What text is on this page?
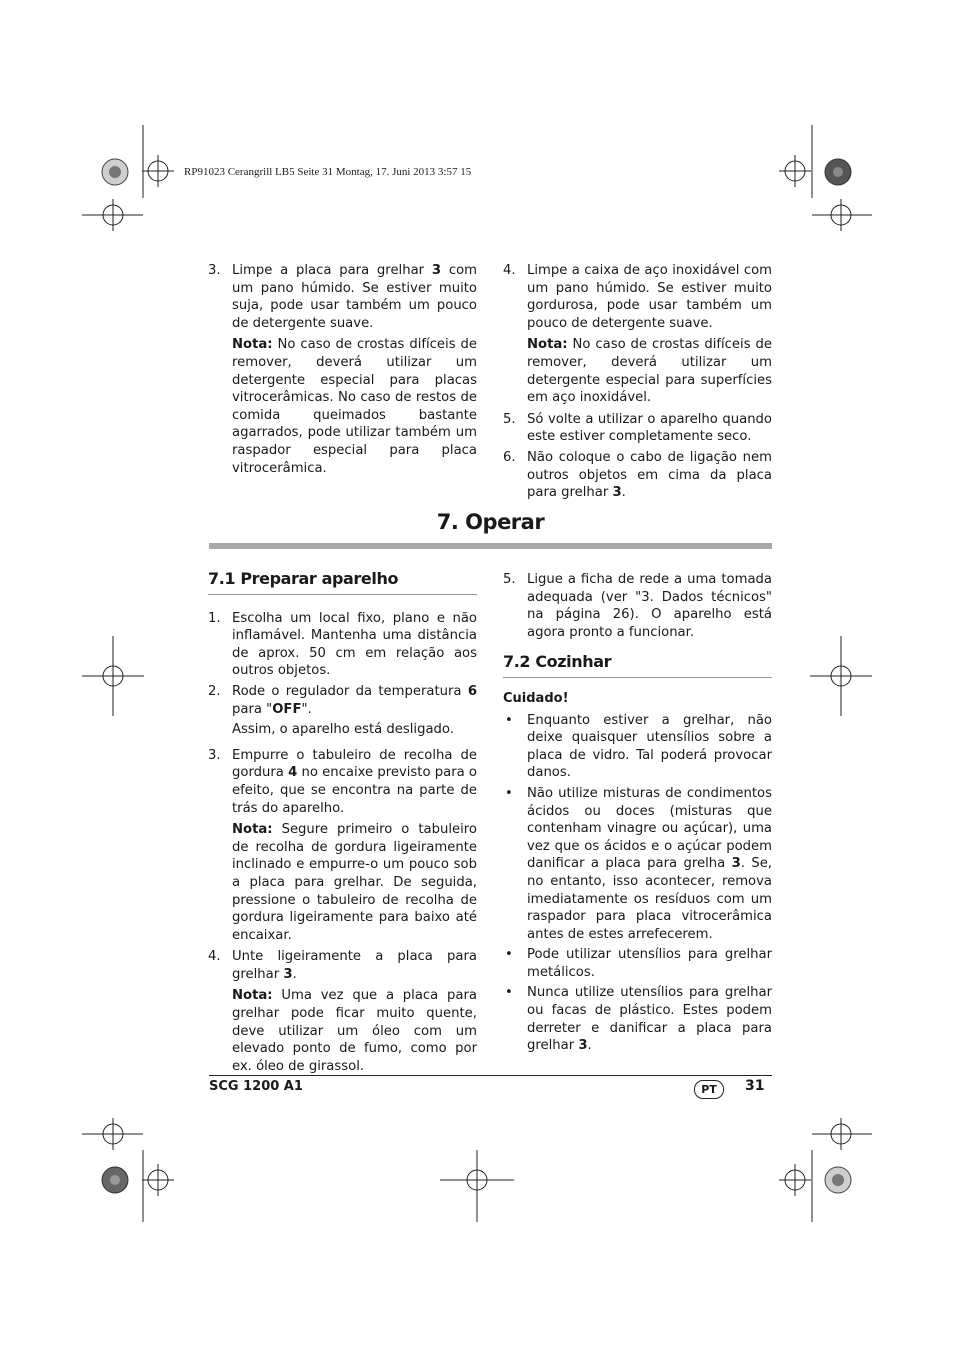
RP91023 Cerangrill LB5 Seite 31 Montag, 17. Juni 2013 3:57 15
3. Limpe a placa para grelhar 3 com um pano húmido. Se estiver muito suja, pode usar também um pouco de detergente suave.
Nota: No caso de crostas difíceis de remover, deverá utilizar um detergente especial para placas vitrocerâmicas. No caso de restos de comida queimados bastante agarrados, pode utilizar também um raspador especial para placa vitrocerâmica.
4. Limpe a caixa de aço inoxidável com um pano húmido. Se estiver muito gordurosa, pode usar também um pouco de detergente suave.
Nota: No caso de crostas difíceis de remover, deverá utilizar um detergente especial para superfícies em aço inoxidável.
5. Só volte a utilizar o aparelho quando este estiver completamente seco.
6. Não coloque o cabo de ligação nem outros objetos em cima da placa para grelhar 3.
7. Operar
7.1 Preparar aparelho
1. Escolha um local fixo, plano e não inflamável. Mantenha uma distância de aprox. 50 cm em relação aos outros objetos.
2. Rode o regulador da temperatura 6 para "OFF".
Assim, o aparelho está desligado.
3. Empurre o tabuleiro de recolha de gordura 4 no encaixe previsto para o efeito, que se encontra na parte de trás do aparelho.
Nota: Segure primeiro o tabuleiro de recolha de gordura ligeiramente inclinado e empurre-o um pouco sob a placa para grelhar. De seguida, pressione o tabuleiro de recolha de gordura ligeiramente para baixo até encaixar.
4. Unte ligeiramente a placa para grelhar 3.
Nota: Uma vez que a placa para grelhar pode ficar muito quente, deve utilizar um óleo com um elevado ponto de fumo, como por ex. óleo de girassol.
5. Ligue a ficha de rede a uma tomada adequada (ver "3. Dados técnicos" na página 26). O aparelho está agora pronto a funcionar.
7.2 Cozinhar
Cuidado!
• Enquanto estiver a grelhar, não deixe quaisquer utensílios sobre a placa de vidro. Tal poderá provocar danos.
• Não utilize misturas de condimentos ácidos ou doces (misturas que contenham vinagre ou açúcar), uma vez que os ácidos e o açúcar podem danificar a placa para grelha 3. Se, no entanto, isso acontecer, remova imediatamente os resíduos com um raspador para placa vitrocerâmica antes de estes arrefecerem.
• Pode utilizar utensílios para grelhar metálicos.
• Nunca utilize utensílios para grelhar ou facas de plástico. Estes podem derreter e danificar a placa para grelhar 3.
SCG 1200 A1	PT	31
